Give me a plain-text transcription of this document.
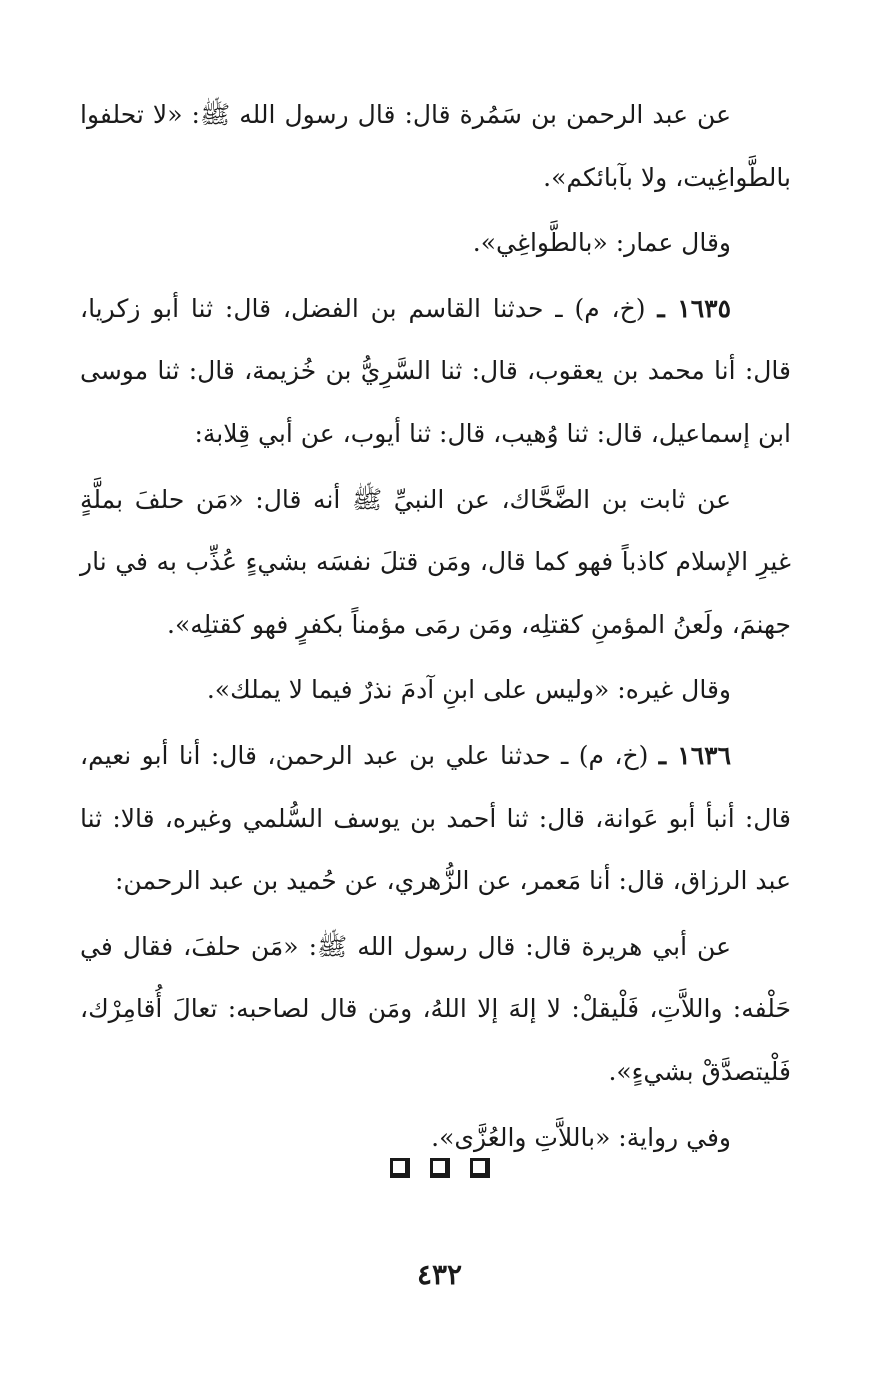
عن عبد الرحمن بن سَمُرة قال: قال رسول الله ﷺ: «لا تحلفوا بالطَّواغِيت، ولا بآبائكم».

وقال عمار: «بالطَّواغِي».

١٦٣٥ ـ (خ، م) ـ حدثنا القاسم بن الفضل، قال: ثنا أبو زكريا، قال: أنا محمد بن يعقوب، قال: ثنا السَّرِيُّ بن خُزيمة، قال: ثنا موسى ابن إسماعيل، قال: ثنا وُهيب، قال: ثنا أيوب، عن أبي قِلابة:

عن ثابت بن الضَّحَّاك، عن النبيِّ ﷺ أنه قال: «مَن حلفَ بملَّةٍ غيرِ الإسلام كاذباً فهو كما قال، ومَن قتلَ نفسَه بشيءٍ عُذِّب به في نار جهنمَ، ولَعنُ المؤمنِ كقتلِه، ومَن رمَى مؤمناً بكفرٍ فهو كقتلِه».

وقال غيره: «وليس على ابنِ آدمَ نذرٌ فيما لا يملك».

١٦٣٦ ـ (خ، م) ـ حدثنا علي بن عبد الرحمن، قال: أنا أبو نعيم، قال: أنبأ أبو عَوانة، قال: ثنا أحمد بن يوسف السُّلمي وغيره، قالا: ثنا عبد الرزاق، قال: أنا مَعمر، عن الزُّهري، عن حُميد بن عبد الرحمن:

عن أبي هريرة قال: قال رسول الله ﷺ: «مَن حلفَ، فقال في حَلْفه: واللاَّتِ، فَلْيقلْ: لا إلهَ إلا اللهُ، ومَن قال لصاحبه: تعالَ أُقامِرْك، فَلْيتصدَّقْ بشيءٍ».

وفي رواية: «باللاَّتِ والعُزَّى».

٤٣٢
